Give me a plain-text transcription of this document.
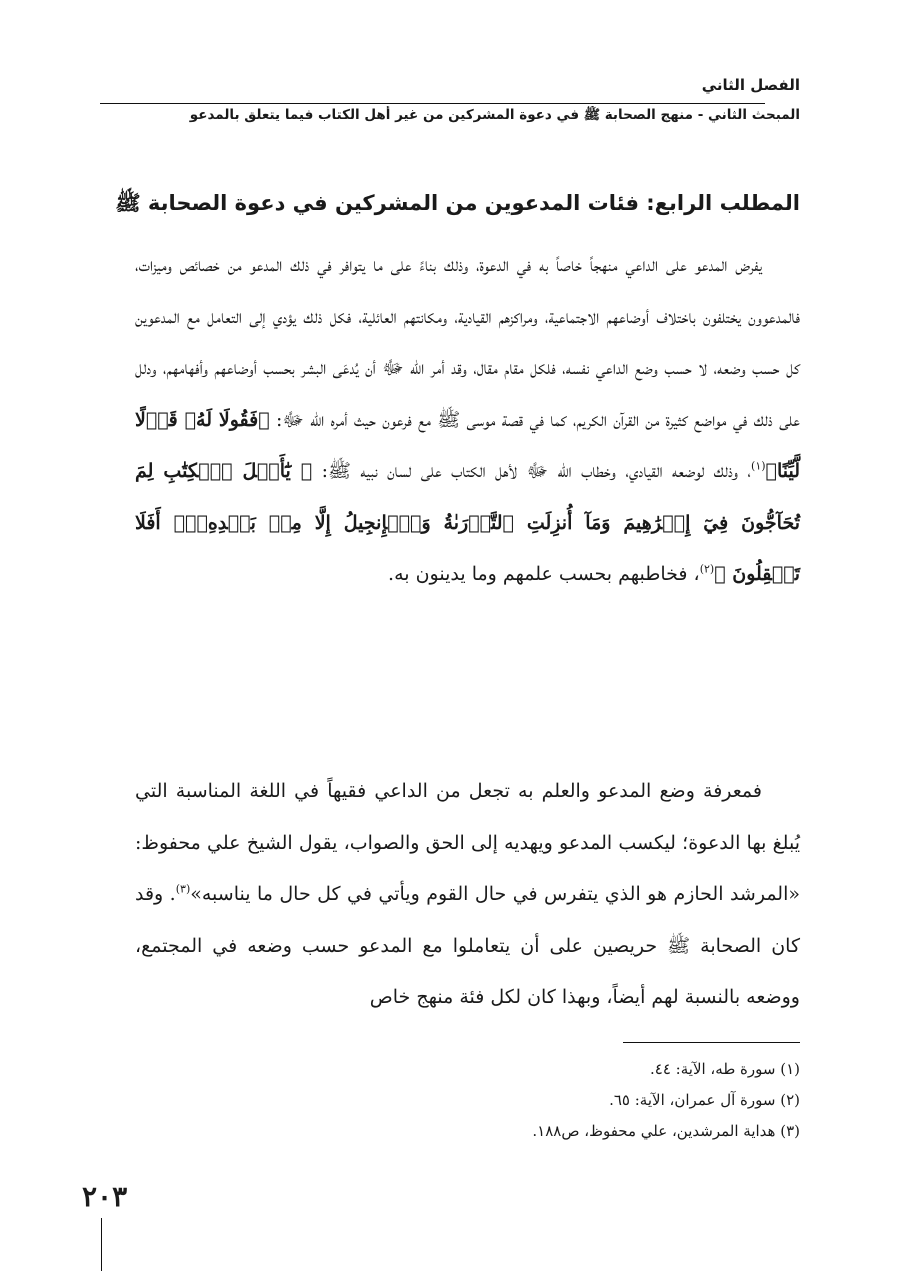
الفصل الثاني
المبحث الثاني - منهج الصحابة ﷺ في دعوة المشركين من غير أهل الكتاب فيما يتعلق بالمدعو
المطلب الرابع: فئات المدعوين من المشركين في دعوة الصحابة ﷺ

يفرض المدعو على الداعي منهجاً خاصاً به في الدعوة، وذلك بناءً على ما يتوافر في ذلك المدعو من خصائص وميزات، فالمدعوون يختلفون باختلاف أوضاعهم الاجتماعية، ومراكزهم القيادية، ومكانتهم العائلية، فكل ذلك يؤدي إلى التعامل مع المدعوين كل حسب وضعه، لا حسب وضع الداعي نفسه، فلكل مقام مقال، وقد أمر الله ﷻ أن يُدعَى البشر بحسب أوضاعهم وأفهامهم، ودلل على ذلك في مواضع كثيرة من القرآن الكريم، كما في قصة موسى ﷺ مع فرعون حيث أمره الله ﷻ: ﴿فَقُولَا لَهُۥ قَوۡلًا لَّيِّنًا﴾$^{(١)}$، وذلك لوضعه القيادي، وخطاب الله ﷻ لأهل الكتاب على لسان نبيه ﷺ: ﴿ يَٰٓأَهۡلَ ٱلۡكِتَٰبِ لِمَ تُحَآجُّونَ فِيٓ إِبۡرَٰهِيمَ وَمَآ أُنزِلَتِ ٱلتَّوۡرَىٰةُ وَٱلۡإِنجِيلُ إِلَّا مِنۢ بَعۡدِهِۦٓۚ أَفَلَا تَعۡقِلُونَ ﴾$^{(٢)}$، فخاطبهم بحسب علمهم وما يدينون به.

فمعرفة وضع المدعو والعلم به تجعل من الداعي فقيهاً في اللغة المناسبة التي يُبلغ بها الدعوة؛ ليكسب المدعو ويهديه إلى الحق والصواب، يقول الشيخ علي محفوظ: «المرشد الحازم هو الذي يتفرس في حال القوم ويأتي في كل حال ما يناسبه»$^{(٣)}$. وقد كان الصحابة ﷺ حريصين على أن يتعاملوا مع المدعو حسب وضعه في المجتمع، ووضعه بالنسبة لهم أيضاً، وبهذا كان لكل فئة منهج خاص

(١) سورة طه، الآية: ٤٤.
(٢) سورة آل عمران، الآية: ٦٥.
(٣) هداية المرشدين، علي محفوظ، ص١٨٨.
٢٠٣
